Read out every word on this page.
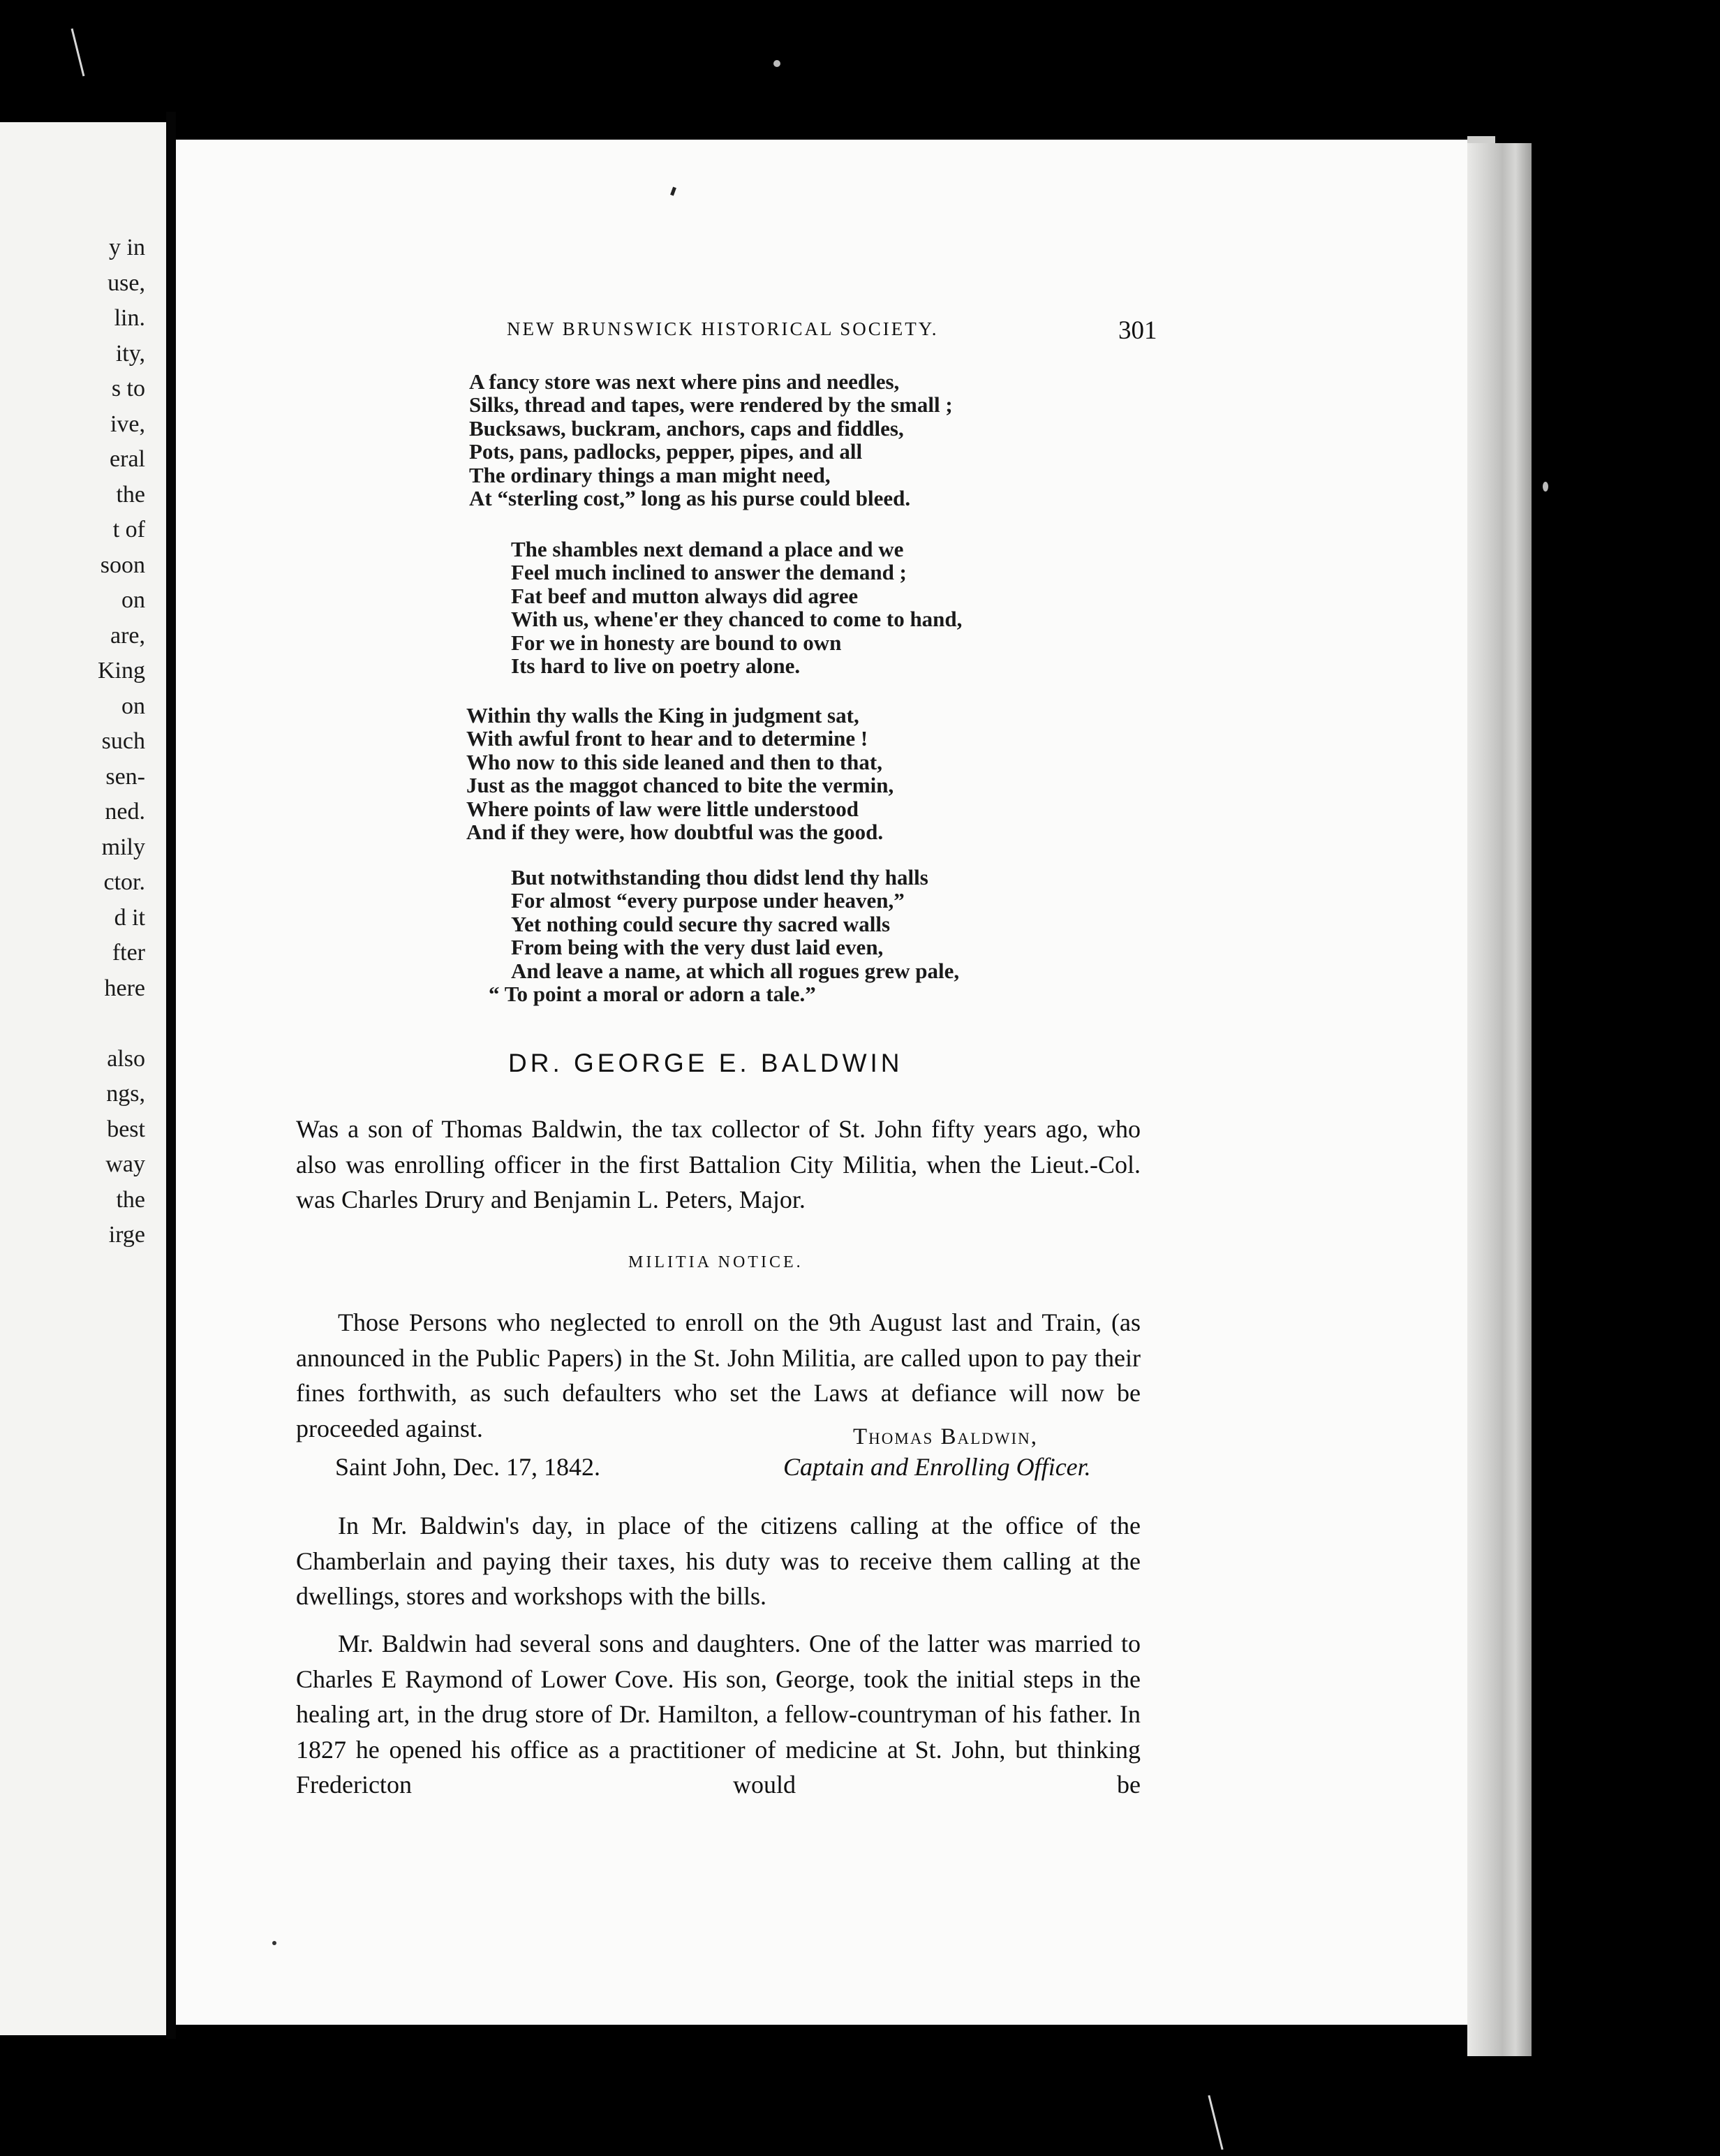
y in
use,
lin.
ity,
s to
ive,
eral
the
t of
soon
on
are,
King
on
such
sen-
ned.
mily
ctor.
d it
fter
here
also
ngs,
best
way
the
irge
NEW BRUNSWICK HISTORICAL SOCIETY.	301
A fancy store was next where pins and needles,
Silks, thread and tapes, were rendered by the small ;
Bucksaws, buckram, anchors, caps and fiddles,
Pots, pans, padlocks, pepper, pipes, and all
The ordinary things a man might need,
At “sterling cost,” long as his purse could bleed.
The shambles next demand a place and we
Feel much inclined to answer the demand ;
Fat beef and mutton always did agree
With us, whene'er they chanced to come to hand,
For we in honesty are bound to own
Its hard to live on poetry alone.
Within thy walls the King in judgment sat,
With awful front to hear and to determine !
Who now to this side leaned and then to that,
Just as the maggot chanced to bite the vermin,
Where points of law were little understood
And if they were, how doubtful was the good.
But notwithstanding thou didst lend thy halls
For almost “every purpose under heaven,”
Yet nothing could secure thy sacred walls
From being with the very dust laid even,
And leave a name, at which all rogues grew pale,
“ To point a moral or adorn a tale.”
DR. GEORGE E. BALDWIN

Was a son of Thomas Baldwin, the tax collector of St. John fifty years ago, who also was enrolling officer in the first Battalion City Militia, when the Lieut.-Col. was Charles Drury and Benjamin L. Peters, Major.

MILITIA NOTICE.

Those Persons who neglected to enroll on the 9th August last and Train, (as announced in the Public Papers) in the St. John Militia, are called upon to pay their fines forthwith, as such defaulters who set the Laws at defiance will now be proceeded against.	Thomas Baldwin,
Saint John, Dec. 17, 1842.	Captain and Enrolling Officer.

In Mr. Baldwin's day, in place of the citizens calling at the office of the Chamberlain and paying their taxes, his duty was to receive them calling at the dwellings, stores and workshops with the bills.

Mr. Baldwin had several sons and daughters. One of the latter was married to Charles E Raymond of Lower Cove. His son, George, took the initial steps in the healing art, in the drug store of Dr. Hamilton, a fellow-countryman of his father. In 1827 he opened his office as a practitioner of medicine at St. John, but thinking Fredericton would be
